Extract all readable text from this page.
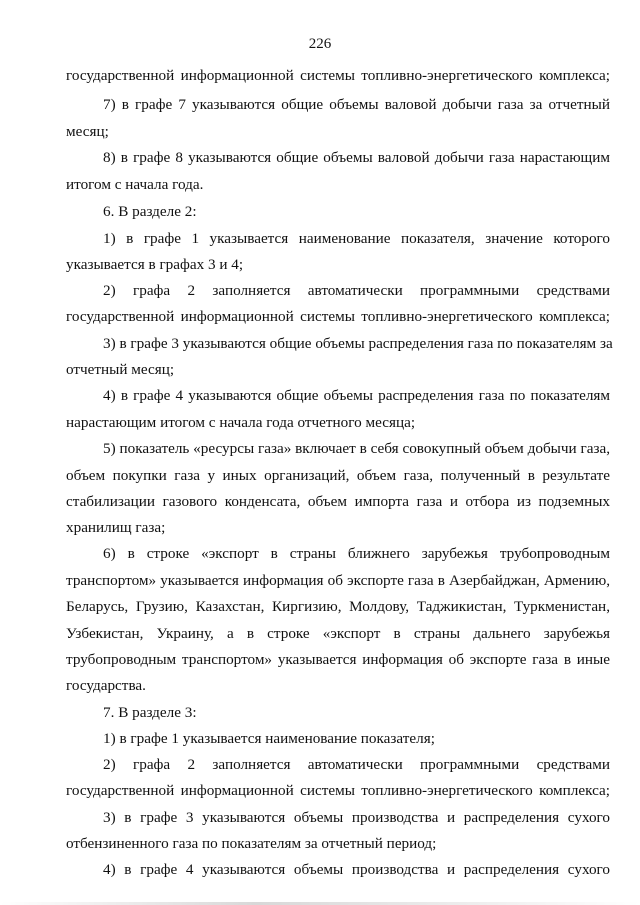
226
государственной информационной системы топливно-энергетического комплекса;
7) в графе 7 указываются общие объемы валовой добычи газа за отчетный
месяц;
8) в графе 8 указываются общие объемы валовой добычи газа нарастающим
итогом с начала года.
6. В разделе 2:
1) в графе 1 указывается наименование показателя, значение которого
указывается в графах 3 и 4;
2) графа 2 заполняется автоматически программными средствами
государственной информационной системы топливно-энергетического комплекса;
3) в графе 3 указываются общие объемы распределения газа по показателям за
отчетный месяц;
4) в графе 4 указываются общие объемы распределения газа по показателям
нарастающим итогом с начала года отчетного месяца;
5) показатель «ресурсы газа» включает в себя совокупный объем добычи газа,
объем покупки газа у иных организаций, объем газа, полученный в результате
стабилизации газового конденсата, объем импорта газа и отбора из подземных
хранилищ газа;
6) в строке «экспорт в страны ближнего зарубежья трубопроводным
транспортом» указывается информация об экспорте газа в Азербайджан, Армению,
Беларусь, Грузию, Казахстан, Киргизию, Молдову, Таджикистан, Туркменистан,
Узбекистан, Украину, а в строке «экспорт в страны дальнего зарубежья
трубопроводным транспортом» указывается информация об экспорте газа в иные
государства.
7. В разделе 3:
1) в графе 1 указывается наименование показателя;
2) графа 2 заполняется автоматически программными средствами
государственной информационной системы топливно-энергетического комплекса;
3) в графе 3 указываются объемы производства и распределения сухого
отбензиненного газа по показателям за отчетный период;
4) в графе 4 указываются объемы производства и распределения сухого
